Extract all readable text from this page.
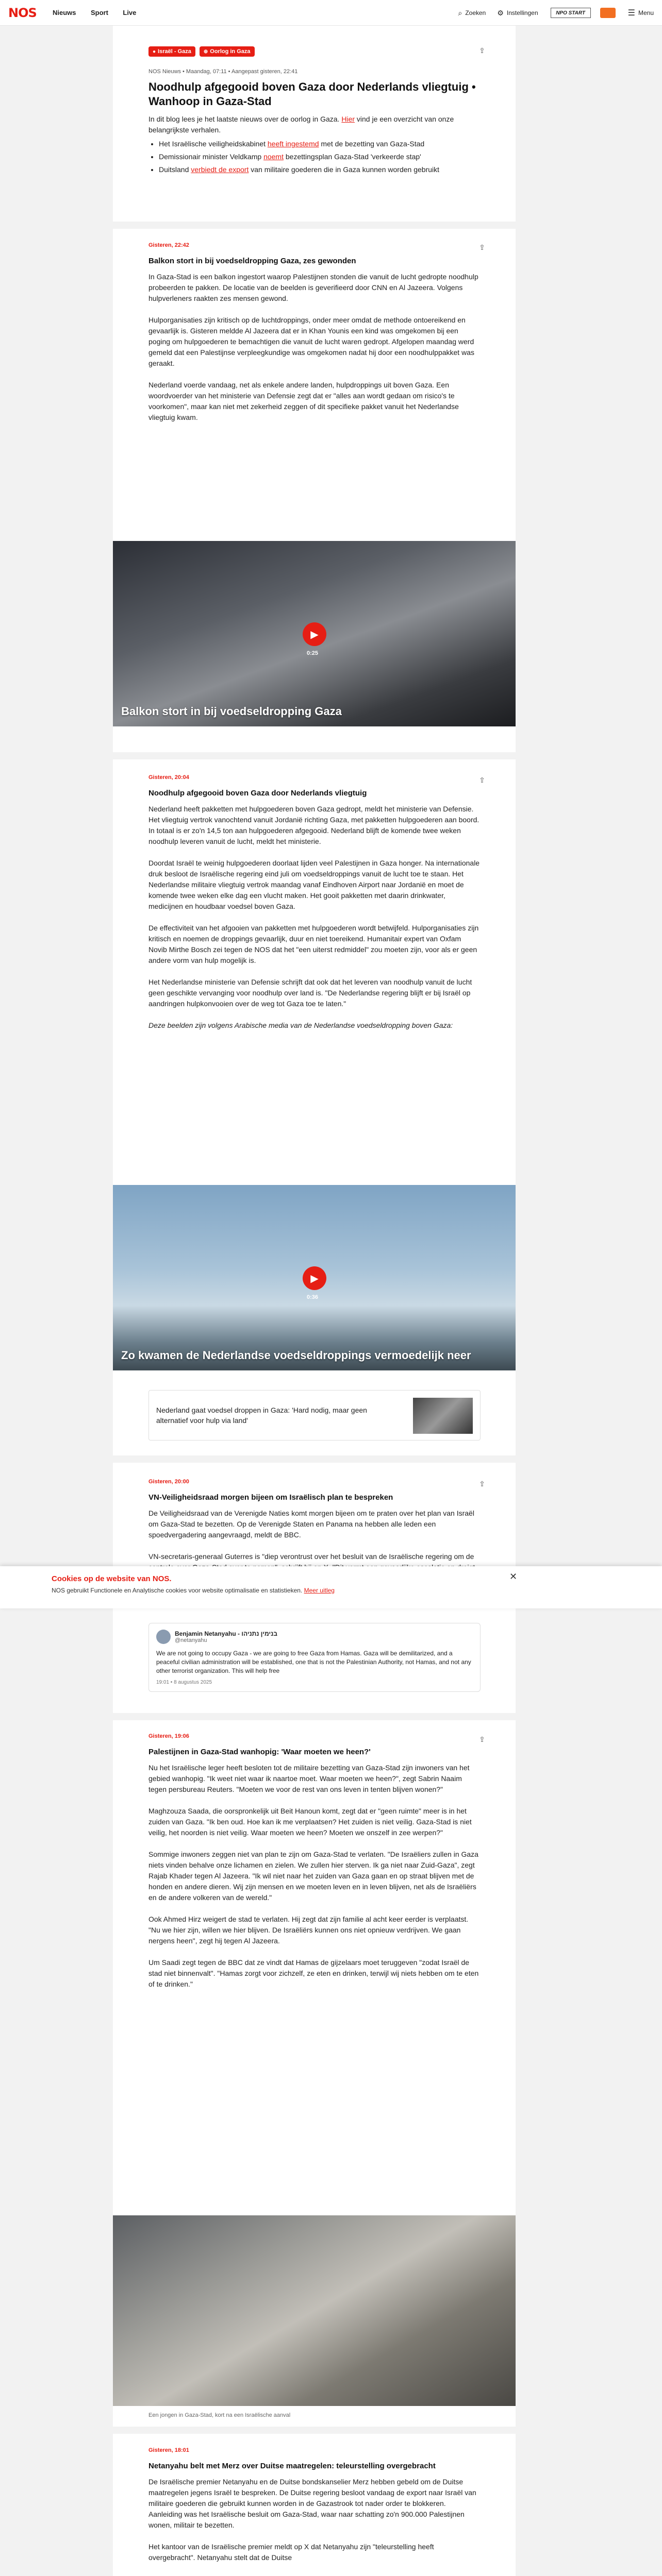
NOS	Nieuws Sport Live	⌕ Zoeken ⚙ Instellingen	NPO START	☰ Menu
● Israël - Gaza ⊕ Oorlog in Gaza	⇪
NOS Nieuws • Maandag, 07:11 • Aangepast gisteren, 22:41
Noodhulp afgegooid boven Gaza door Nederlands vliegtuig • Wanhoop in Gaza-Stad

In dit blog lees je het laatste nieuws over de oorlog in Gaza. Hier vind je een overzicht van onze belangrijkste verhalen.

• Het Israëlische veiligheidskabinet heeft ingestemd met de bezetting van Gaza-Stad
• Demissionair minister Veldkamp noemt bezettingsplan Gaza-Stad 'verkeerde stap'
• Duitsland verbiedt de export van militaire goederen die in Gaza kunnen worden gebruikt
⇪
Gisteren, 22:42
Balkon stort in bij voedseldropping Gaza, zes gewonden

In Gaza-Stad is een balkon ingestort waarop Palestijnen stonden die vanuit de lucht gedropte noodhulp probeerden te pakken. De locatie van de beelden is geverifieerd door CNN en Al Jazeera. Volgens hulpverleners raakten zes mensen gewond.

Hulporganisaties zijn kritisch op de luchtdroppings, onder meer omdat de methode ontoereikend en gevaarlijk is. Gisteren meldde Al Jazeera dat er in Khan Younis een kind was omgekomen bij een poging om hulpgoederen te bemachtigen die vanuit de lucht waren gedropt. Afgelopen maandag werd gemeld dat een Palestijnse verpleegkundige was omgekomen nadat hij door een noodhulppakket was geraakt.

Nederland voerde vandaag, net als enkele andere landen, hulpdroppings uit boven Gaza. Een woordvoerder van het ministerie van Defensie zegt dat er "alles aan wordt gedaan om risico's te voorkomen", maar kan niet met zekerheid zeggen of dit specifieke pakket vanuit het Nederlandse vliegtuig kwam.

▶
0:25
Balkon stort in bij voedseldropping Gaza
⇪
Gisteren, 20:04
Noodhulp afgegooid boven Gaza door Nederlands vliegtuig

Nederland heeft pakketten met hulpgoederen boven Gaza gedropt, meldt het ministerie van Defensie. Het vliegtuig vertrok vanochtend vanuit Jordanië richting Gaza, met pakketten hulpgoederen aan boord. In totaal is er zo'n 14,5 ton aan hulpgoederen afgegooid. Nederland blijft de komende twee weken noodhulp leveren vanuit de lucht, meldt het ministerie.

Doordat Israël te weinig hulpgoederen doorlaat lijden veel Palestijnen in Gaza honger. Na internationale druk besloot de Israëlische regering eind juli om voedseldroppings vanuit de lucht toe te staan. Het Nederlandse militaire vliegtuig vertrok maandag vanaf Eindhoven Airport naar Jordanië en moet de komende twee weken elke dag een vlucht maken. Het gooit pakketten met daarin drinkwater, medicijnen en houdbaar voedsel boven Gaza.

De effectiviteit van het afgooien van pakketten met hulpgoederen wordt betwijfeld. Hulporganisaties zijn kritisch en noemen de droppings gevaarlijk, duur en niet toereikend. Humanitair expert van Oxfam Novib Mirthe Bosch zei tegen de NOS dat het "een uiterst redmiddel" zou moeten zijn, voor als er geen andere vorm van hulp mogelijk is.

Het Nederlandse ministerie van Defensie schrijft dat ook dat het leveren van noodhulp vanuit de lucht geen geschikte vervanging voor noodhulp over land is. "De Nederlandse regering blijft er bij Israël op aandringen hulpkonvooien over de weg tot Gaza toe te laten."

Deze beelden zijn volgens Arabische media van de Nederlandse voedseldropping boven Gaza:

▶
0:36
Zo kwamen de Nederlandse voedseldroppings vermoedelijk neer
Nederland gaat voedsel droppen in Gaza: 'Hard nodig, maar geen alternatief voor hulp via land'
⇪
Gisteren, 20:00
VN-Veiligheidsraad morgen bijeen om Israëlisch plan te bespreken

De Veiligheidsraad van de Verenigde Naties komt morgen bijeen om te praten over het plan van Israël om Gaza-Stad te bezetten. Op de Verenigde Staten en Panama na hebben alle leden een spoedvergadering aangevraagd, meldt de BBC.

VN-secretaris-generaal Guterres is "diep verontrust over het besluit van de Israëlische regering om de

Benjamin Netanyahu - בנימין נתניהו
@netanyahu
We are not going to occupy Gaza - we are going to free Gaza from Hamas. Gaza will be demilitarized, and a peaceful civilian administration will be established, one that is not the Palestinian Authority, not Hamas, and not any other terrorist organization. This will help free
19:01 • 8 augustus 2025
⇪
Gisteren, 19:06
Palestijnen in Gaza-Stad wanhopig: 'Waar moeten we heen?'

Nu het Israëlische leger heeft besloten tot de militaire bezetting van Gaza-Stad zijn inwoners van het gebied wanhopig. "Ik weet niet waar ik naartoe moet. Waar moeten we heen?", zegt Sabrin Naaim tegen persbureau Reuters. "Moeten we voor de rest van ons leven in tenten blijven wonen?"

Maghzouza Saada, die oorspronkelijk uit Beit Hanoun komt, zegt dat er "geen ruimte" meer is in het zuiden van Gaza. "Ik ben oud. Hoe kan ik me verplaatsen? Het zuiden is niet veilig. Gaza-Stad is niet veilig, het noorden is niet veilig. Waar moeten we heen? Moeten we onszelf in zee werpen?"

Sommige inwoners zeggen niet van plan te zijn om Gaza-Stad te verlaten. "De Israëliers zullen in Gaza niets vinden behalve onze lichamen en zielen. We zullen hier sterven. Ik ga niet naar Zuid-Gaza", zegt Rajab Khader tegen Al Jazeera. "Ik wil niet naar het zuiden van Gaza gaan en op straat blijven met de honden en andere dieren. Wij zijn mensen en we moeten leven en in leven blijven, net als de Israëliërs en de andere volkeren van de wereld."

Ook Ahmed Hirz weigert de stad te verlaten. Hij zegt dat zijn familie al acht keer eerder is verplaatst. "Nu we hier zijn, willen we hier blijven. De Israëliërs kunnen ons niet opnieuw verdrijven. We gaan nergens heen", zegt hij tegen Al Jazeera.

Um Saadi zegt tegen de BBC dat ze vindt dat Hamas de gijzelaars moet teruggeven "zodat Israël de stad niet binnenvalt". "Hamas zorgt voor zichzelf, ze eten en drinken, terwijl wij niets hebben om te eten of te drinken."

Een jongen in Gaza-Stad, kort na een Israëlische aanval
Gisteren, 18:01
Netanyahu belt met Merz over Duitse maatregelen: teleurstelling overgebracht

De Israëlische premier Netanyahu en de Duitse bondskanselier Merz hebben gebeld om de Duitse maatregelen jegens Israël te bespreken. De Duitse regering besloot vandaag de export naar Israël van militaire goederen die gebruikt kunnen worden in de Gazastrook tot nader order te blokkeren. Aanleiding was het Israëlische besluit om Gaza-Stad, waar naar schatting zo'n 900.000 Palestijnen wonen, militair te bezetten.

Het kantoor van de Israëlische premier meldt op X dat Netanyahu zijn "teleurstelling heeft overgebracht". Netanyahu stelt dat de Duitse

Cookies op de website van NOS.
NOS gebruikt Functionele en Analytische cookies voor website optimalisatie en statistieken. Meer uitleg
✕
